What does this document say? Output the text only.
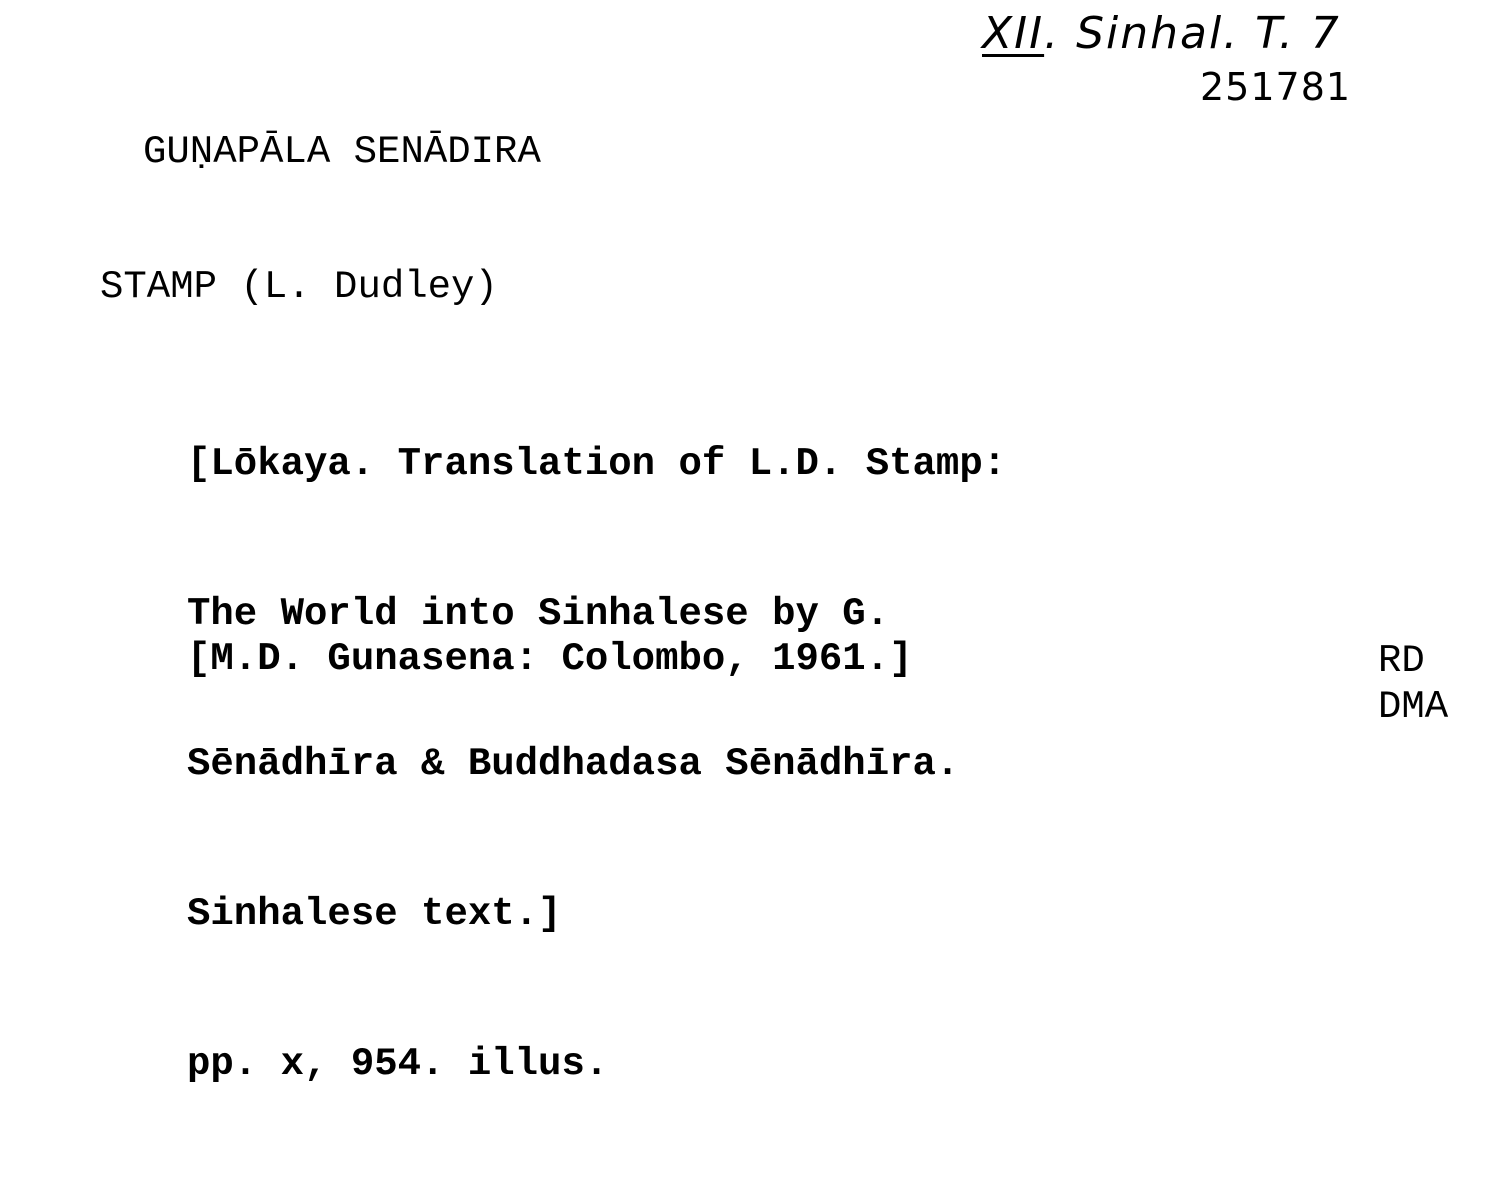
XII. Sinhal. T. 7
251781
GUṆAPĀLA SENĀDIRA
STAMP (L. Dudley)

[Lōkaya. Translation of L.D. Stamp:

The World into Sinhalese by G.

Sēnādhīra & Buddhadasa Sēnādhīra.

Sinhalese text.]

pp. x, 954. illus.

[M.D. Gunasena: Colombo, 1961.]	RD
DMA
